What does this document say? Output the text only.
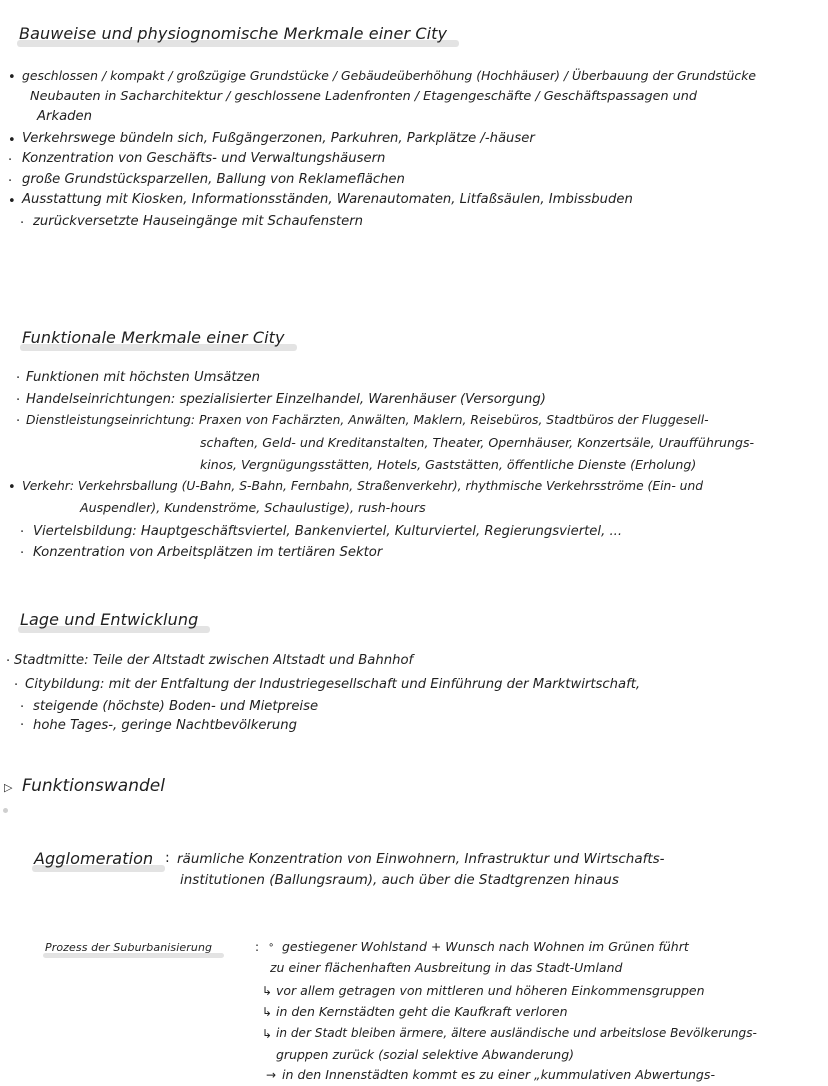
Bauweise und physiognomische Merkmale einer City
• geschlossen / kompakt / großzügige Grundstücke / Gebäudeüberhöhung (Hochhäuser) / Überbauung der Grundstücke
Neubauten in Sacharchitektur / geschlossene Ladenfronten / Etagengeschäfte / Geschäftspassagen und
Arkaden
• Verkehrswege bündeln sich, Fußgängerzonen, Parkuhren, Parkplätze /-häuser
· Konzentration von Geschäfts- und Verwaltungshäusern
· große Grundstücksparzellen, Ballung von Reklameflächen
• Ausstattung mit Kiosken, Informationsständen, Warenautomaten, Litfaßsäulen, Imbissbuden
· zurückversetzte Hauseingänge mit Schaufenstern
Funktionale Merkmale einer City
· Funktionen mit höchsten Umsätzen
· Handelseinrichtungen: spezialisierter Einzelhandel, Warenhäuser (Versorgung)
· Dienstleistungseinrichtung: Praxen von Fachärzten, Anwälten, Maklern, Reisebüros, Stadtbüros der Fluggesell-
schaften, Geld- und Kreditanstalten, Theater, Opernhäuser, Konzertsäle, Uraufführungs-
kinos, Vergnügungsstätten, Hotels, Gaststätten, öffentliche Dienste (Erholung)
• Verkehr: Verkehrsballung (U-Bahn, S-Bahn, Fernbahn, Straßenverkehr), rhythmische Verkehrsströme (Ein- und
Auspendler), Kundenströme, Schaulustige), rush-hours
· Viertelsbildung: Hauptgeschäftsviertel, Bankenviertel, Kulturviertel, Regierungsviertel, ...
· Konzentration von Arbeitsplätzen im tertiären Sektor
Lage und Entwicklung
· Stadtmitte: Teile der Altstadt zwischen Altstadt und Bahnhof
· Citybildung: mit der Entfaltung der Industriegesellschaft und Einführung der Marktwirtschaft,
· steigende (höchste) Boden- und Mietpreise
· hohe Tages-, geringe Nachtbevölkerung
▷ Funktionswandel
Agglomeration : räumliche Konzentration von Einwohnern, Infrastruktur und Wirtschafts-
institutionen (Ballungsraum), auch über die Stadtgrenzen hinaus
Prozess der Suburbanisierung	: ∘ gestiegener Wohlstand + Wunsch nach Wohnen im Grünen führt
zu einer flächenhaften Ausbreitung in das Stadt-Umland
↳ vor allem getragen von mittleren und höheren Einkommensgruppen
↳ in den Kernstädten geht die Kaufkraft verloren
↳ in der Stadt bleiben ärmere, ältere ausländische und arbeitslose Bevölkerungs-
gruppen zurück (sozial selektive Abwanderung)
→ in den Innenstädten kommt es zu einer „kummulativen Abwertungs-
